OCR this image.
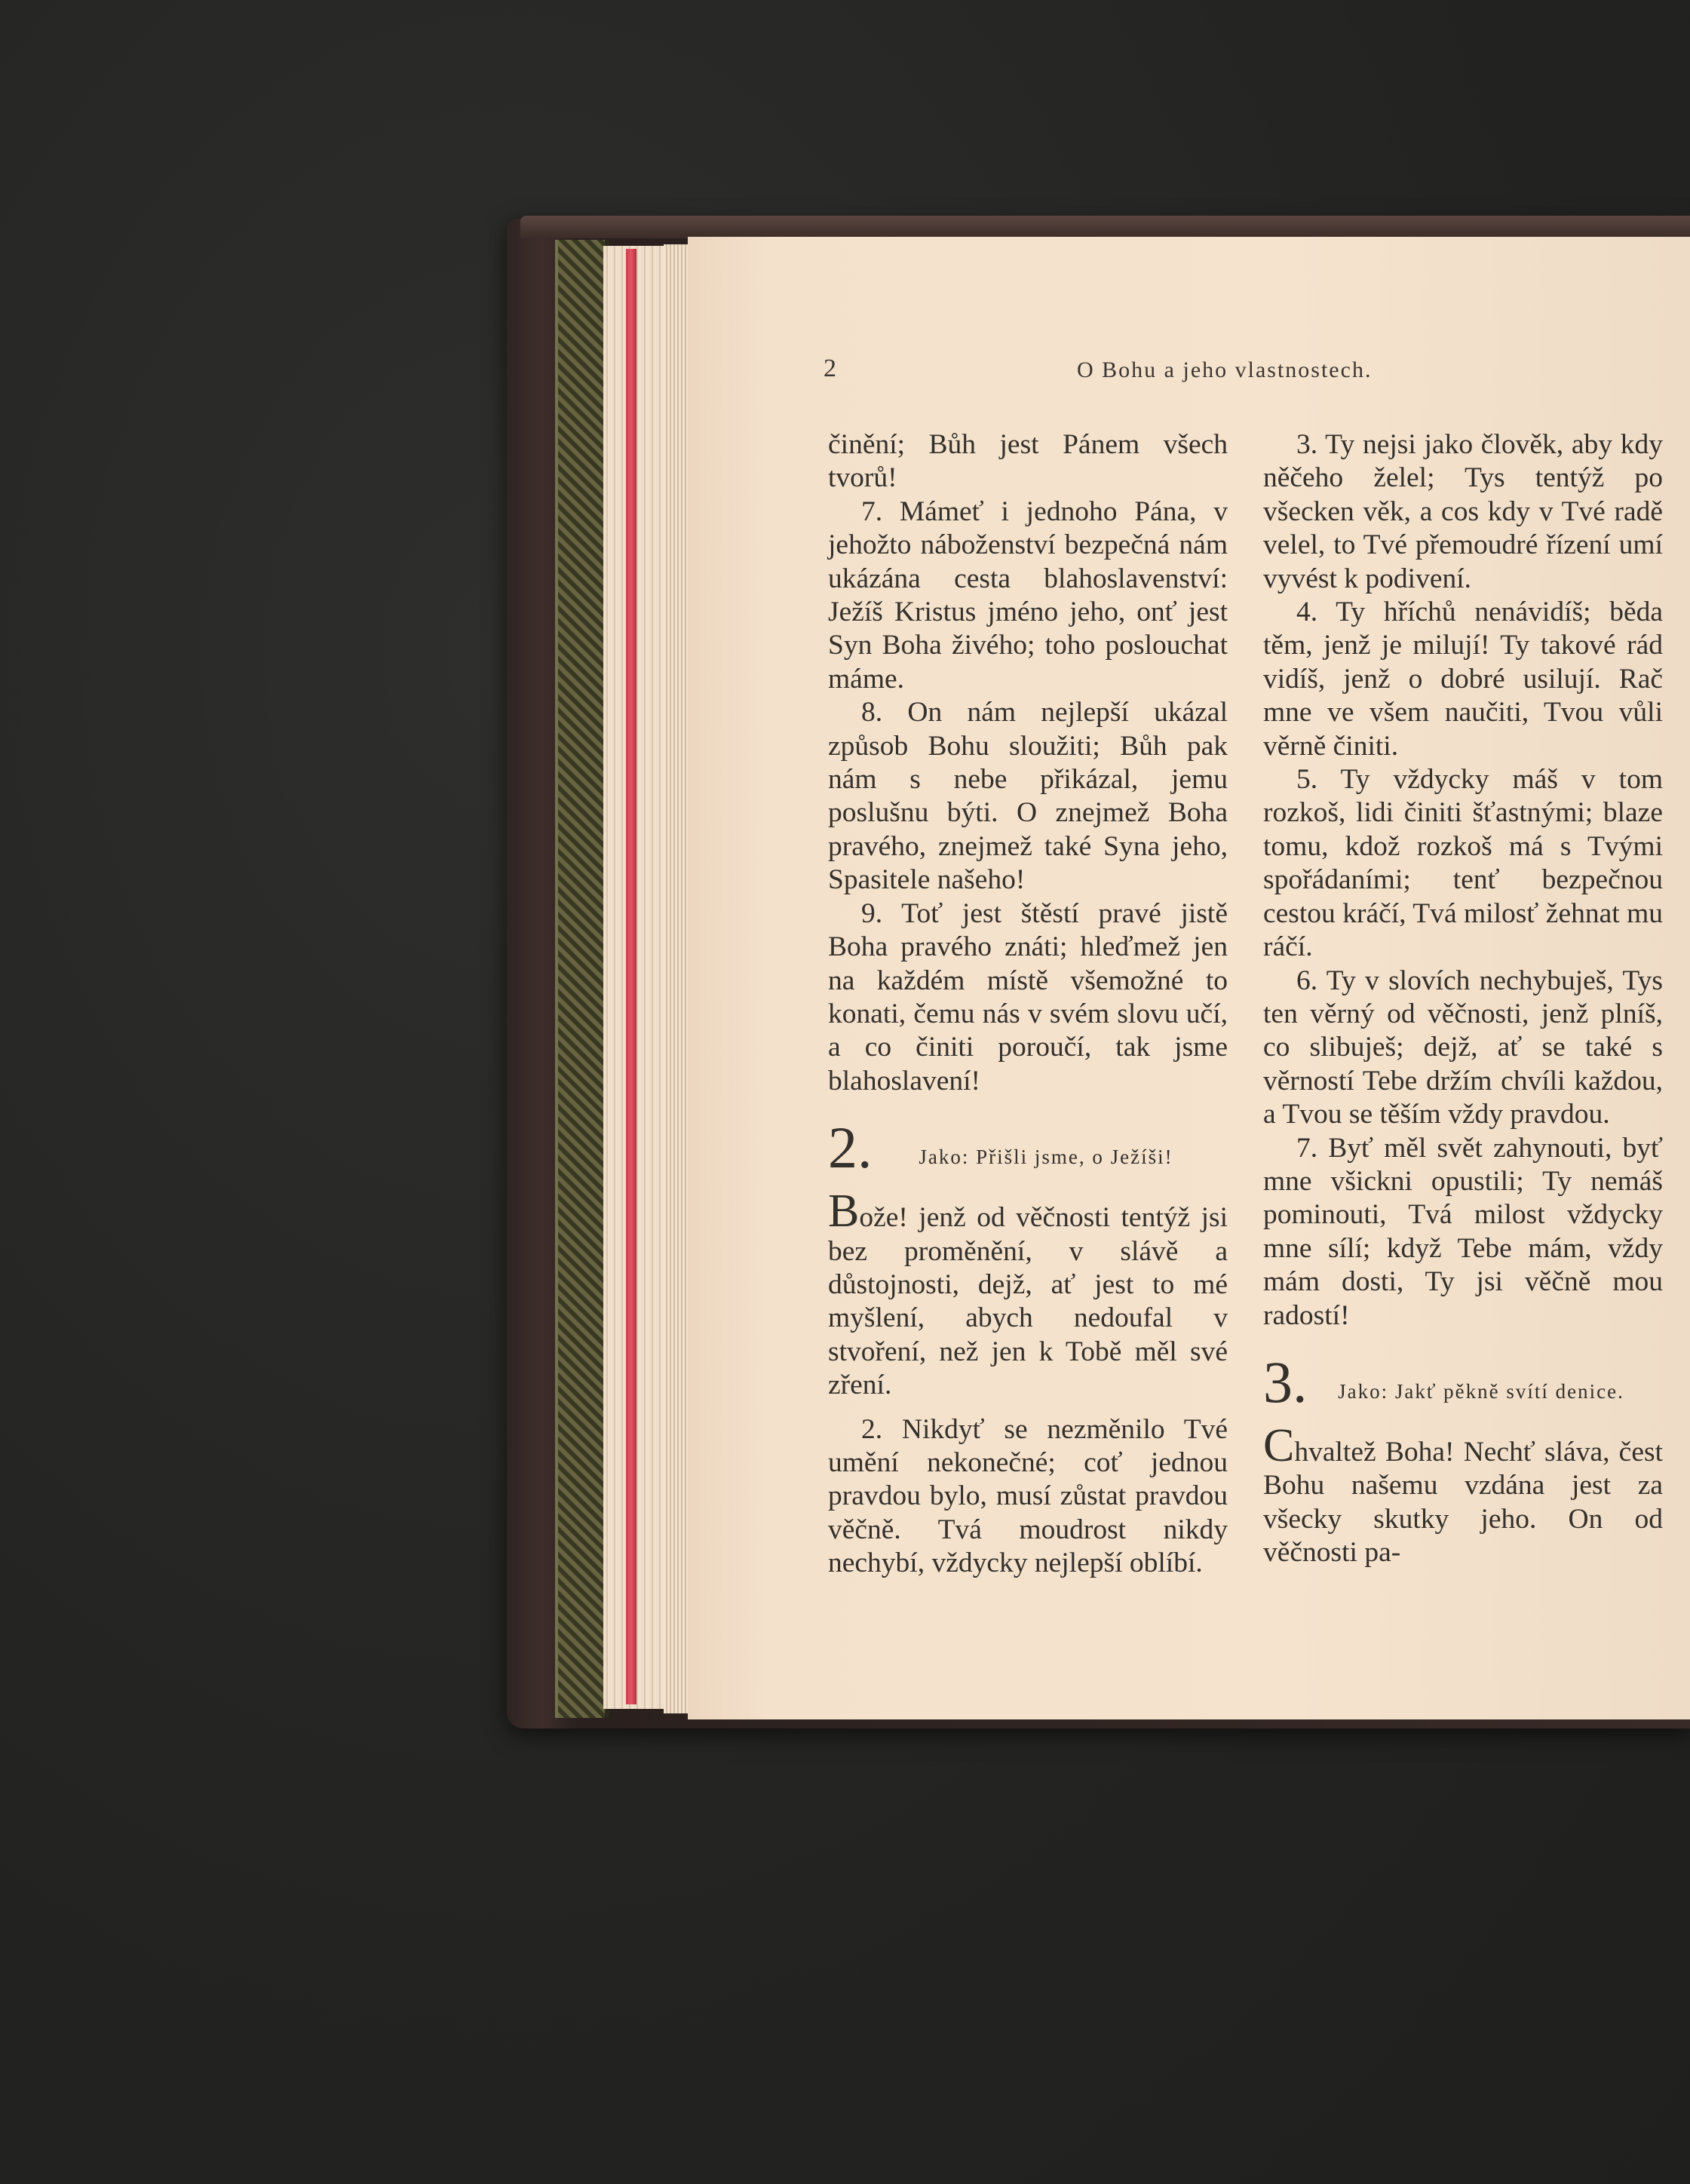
2	O Bohu a jeho vlastnostech.

činění; Bůh jest Pánem všech tvorů!

7. Mámeť i jednoho Pána, v jehožto náboženství bezpečná nám ukázána cesta blahoslavenství: Ježíš Kristus jméno jeho, onť jest Syn Boha živého; toho poslouchat máme.

8. On nám nejlepší ukázal způsob Bohu sloužiti; Bůh pak nám s nebe přikázal, jemu poslušnu býti. O znejmež Boha pravého, znejmež také Syna jeho, Spasitele našeho!

9. Toť jest štěstí pravé jistě Boha pravého znáti; hleďmež jen na každém místě všemožné to konati, čemu nás v svém slovu učí, a co činiti poroučí, tak jsme blahoslavení!

2.	Jako: Přišli jsme, o Ježíši!

Bože! jenž od věčnosti tentýž jsi bez proměnění, v slávě a důstojnosti, dejž, ať jest to mé myšlení, abych nedoufal v stvoření, než jen k Tobě měl své zření.

2. Nikdyť se nezměnilo Tvé umění nekonečné; coť jednou pravdou bylo, musí zůstat pravdou věčně. Tvá moudrost nikdy nechybí, vždycky nejlepší oblíbí.

3. Ty nejsi jako člověk, aby kdy něčeho želel; Tys tentýž po všecken věk, a cos kdy v Tvé radě velel, to Tvé přemoudré řízení umí vyvést k podivení.

4. Ty hříchů nenávidíš; běda těm, jenž je milují! Ty takové rád vidíš, jenž o dobré usilují. Rač mne ve všem naučiti, Tvou vůli věrně činiti.

5. Ty vždycky máš v tom rozkoš, lidi činiti šťastnými; blaze tomu, kdož rozkoš má s Tvými spořádaními; tenť bezpečnou cestou kráčí, Tvá milosť žehnat mu ráčí.

6. Ty v slovích nechybuješ, Tys ten věrný od věčnosti, jenž plníš, co slibuješ; dejž, ať se také s věrností Tebe držím chvíli každou, a Tvou se těším vždy pravdou.

7. Byť měl svět zahynouti, byť mne všickni opustili; Ty nemáš pominouti, Tvá milost vždycky mne sílí; když Tebe mám, vždy mám dosti, Ty jsi věčně mou radostí!

3.	Jako: Jakť pěkně svítí denice.

Chvaltež Boha! Nechť sláva, čest Bohu našemu vzdána jest za všecky skutky jeho. On od věčnosti pa-
